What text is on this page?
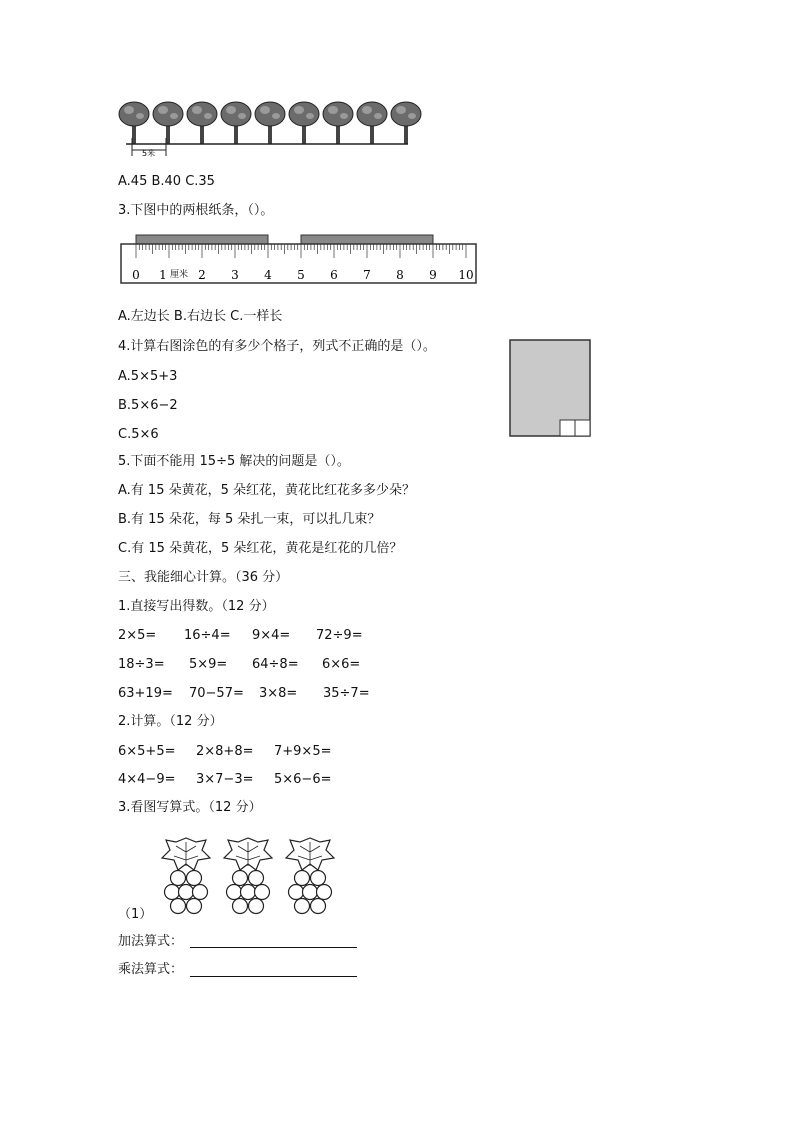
5米
A.45 B.40 C.35
3.下图中的两根纸条，（）。
0	2 3 4 5 6 7 8 9 10
1 厘米
A.左边长 B.右边长 C.一样长
4.计算右图涂色的有多少个格子，列式不正确的是（）。
A.5×5+3
B.5×6−2
C.5×6
5.下面不能用 15÷5 解决的问题是（）。
A.有 15 朵黄花，5 朵红花，黄花比红花多多少朵？
B.有 15 朵花，每 5 朵扎一束，可以扎几束？
C.有 15 朵黄花，5 朵红花，黄花是红花的几倍？
三、我能细心计算。（36 分）
1.直接写出得数。（12 分）
2×5= 16÷4= 9×4= 72÷9=
18÷3= 5×9= 64÷8= 6×6=
63+19= 70−57= 3×8= 35÷7=
2.计算。（12 分）
6×5+5= 2×8+8= 7+9×5=
4×4−9= 3×7−3= 5×6−6=
3.看图写算式。（12 分）
（1）
加法算式：
乘法算式：
